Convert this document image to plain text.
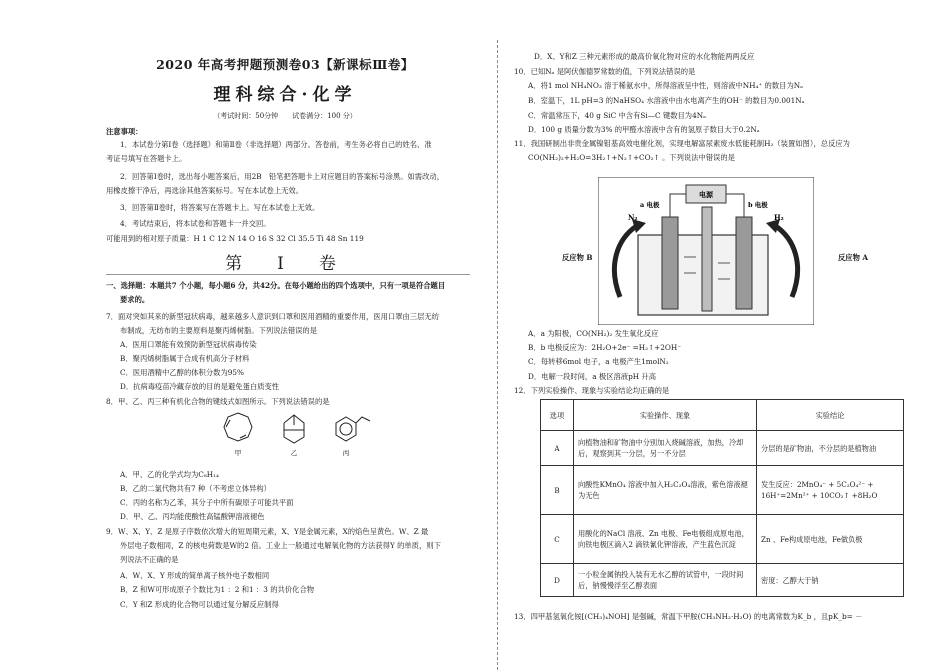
2020 年高考押题预测卷03【新课标Ⅲ卷】
理科综合·化学
（考试时间：50分钟　　试卷满分：100 分）
注意事项：
1．本试卷分第Ⅰ卷（选择题）和第Ⅱ卷（非选择题）两部分。答卷前，考生务必将自己的姓名、准
考证号填写在答题卡上。
2．回答第Ⅰ卷时，选出每小题答案后，用2B　铅笔把答题卡上对应题目的答案标号涂黑。如需改动，
用橡皮擦干净后，再选涂其他答案标号。写在本试卷上无效。
3．回答第Ⅱ卷时，将答案写在答题卡上。写在本试卷上无效。
4．考试结束后，将本试卷和答题卡一并交回。
可能用到的相对原子质量：H 1 C 12 N 14 O 16 S 32 Cl 35.5 Ti 48 Sn 119
第　Ⅰ　卷
一、选择题：本题共7 个小题，每小题6 分，共42分。在每小题给出的四个选项中，只有一项是符合题目
要求的。
7．面对突如其来的新型冠状病毒，越来越多人意识到口罩和医用酒精的重要作用，医用口罩由三层无纺
布制成，无纺布的主要原料是聚丙烯树脂。下列说法错误的是
A．医用口罩能有效预防新型冠状病毒传染
B．聚丙烯树脂属于合成有机高分子材料
C．医用酒精中乙醇的体积分数为95%
D．抗病毒疫苗冷藏存放的目的是避免蛋白质变性
8．甲、乙、丙三种有机化合物的键线式如图所示。下列说法错误的是
A．甲、乙的化学式均为C₈H₁₄
B．乙的二氯代物共有7 种（不考虑立体异构）
C．丙的名称为乙苯，其分子中所有碳原子可能共平面
D．甲、乙、丙均能使酸性高锰酸钾溶液褪色
9．W、X、Y、Z 是原子序数依次增大的短周期元素，X、Y是金属元素，X的焰色呈黄色。W、Z 最
外层电子数相同，Z 的核电荷数是W的2 倍。工业上一般通过电解氧化物的方法获得Y 的单质，则下
列说法不正确的是
A．W、X、Y 形成的简单离子核外电子数相同
B．Z 和W可形成原子个数比为1 ：2 和1 ：3 的共价化合物
C．Y 和Z 形成的化合物可以通过复分解反应制得
甲	乙	丙
D．X、Y和Z 三种元素形成的最高价氧化物对应的水化物能两两反应
10．已知Nₐ 是阿伏伽德罗常数的值，下列说法错误的是
A．将1 mol NH₄NO₃ 溶于稀氨水中，所得溶液呈中性，则溶液中NH₄⁺ 的数目为Nₐ
B．室温下，1L pH=3 的NaHSO₄ 水溶液中由水电离产生的OH⁻ 的数目为0.001Nₐ
C．常温常压下，40 g SiC 中含有Si—C 键数目为4Nₐ
D．100 g 质量分数为3% 的甲醛水溶液中含有的氢原子数目大于0.2Nₐ
11．我国研制出非贵金属镍钼基高效电催化剂，实现电解富尿素废水低能耗制H₂（装置如图），总反应为
CO(NH₂)₂+H₂O=3H₂↑+N₂↑+CO₂↑ 。下列说法中错误的是
A．a 为阳极，CO(NH₂)₂ 发生氧化反应
B．b 电极反应为：2H₂O+2e⁻ =H₂↑+2OH⁻
C．每转移6mol 电子，a 电极产生1molN₂
D．电解一段时间，a 极区溶液pH 升高
12．下列实验操作、现象与实验结论均正确的是
13．四甲基氢氧化铵[(CH₃)₄NOH] 是强碱，常温下甲胺(CH₃NH₂·H₂O) 的电离常数为K_b ，且pK_b= －
电源
a 电极	b 电极
N₂	H₂
反应物 B	反应物 A
选项	实验操作、现象	实验结论
A	向植物油和矿物油中分别加入烧碱溶液，加热，冷却后，观察到其一分层，另一不分层	分层的是矿物油，不分层的是植物油
B	向酸性KMnO₄ 溶液中加入H₂C₂O₄溶液，紫色溶液褪为无色	发生反应：2MnO₄⁻ + 5C₂O₄²⁻ + 16H⁺=2Mn²⁺ + 10CO₂↑ +8H₂O
C	用酸化的NaCl 溶液、Zn 电极、Fe电极组成原电池，向铁电极区滴入2 滴铁氰化钾溶液，产生蓝色沉淀	Zn 、Fe构成原电池，Fe做负极
D	一小粒金属钠投入装有无水乙醇的试管中，一段时间后，钠慢慢浮至乙醇表面	密度：乙醇大于钠
